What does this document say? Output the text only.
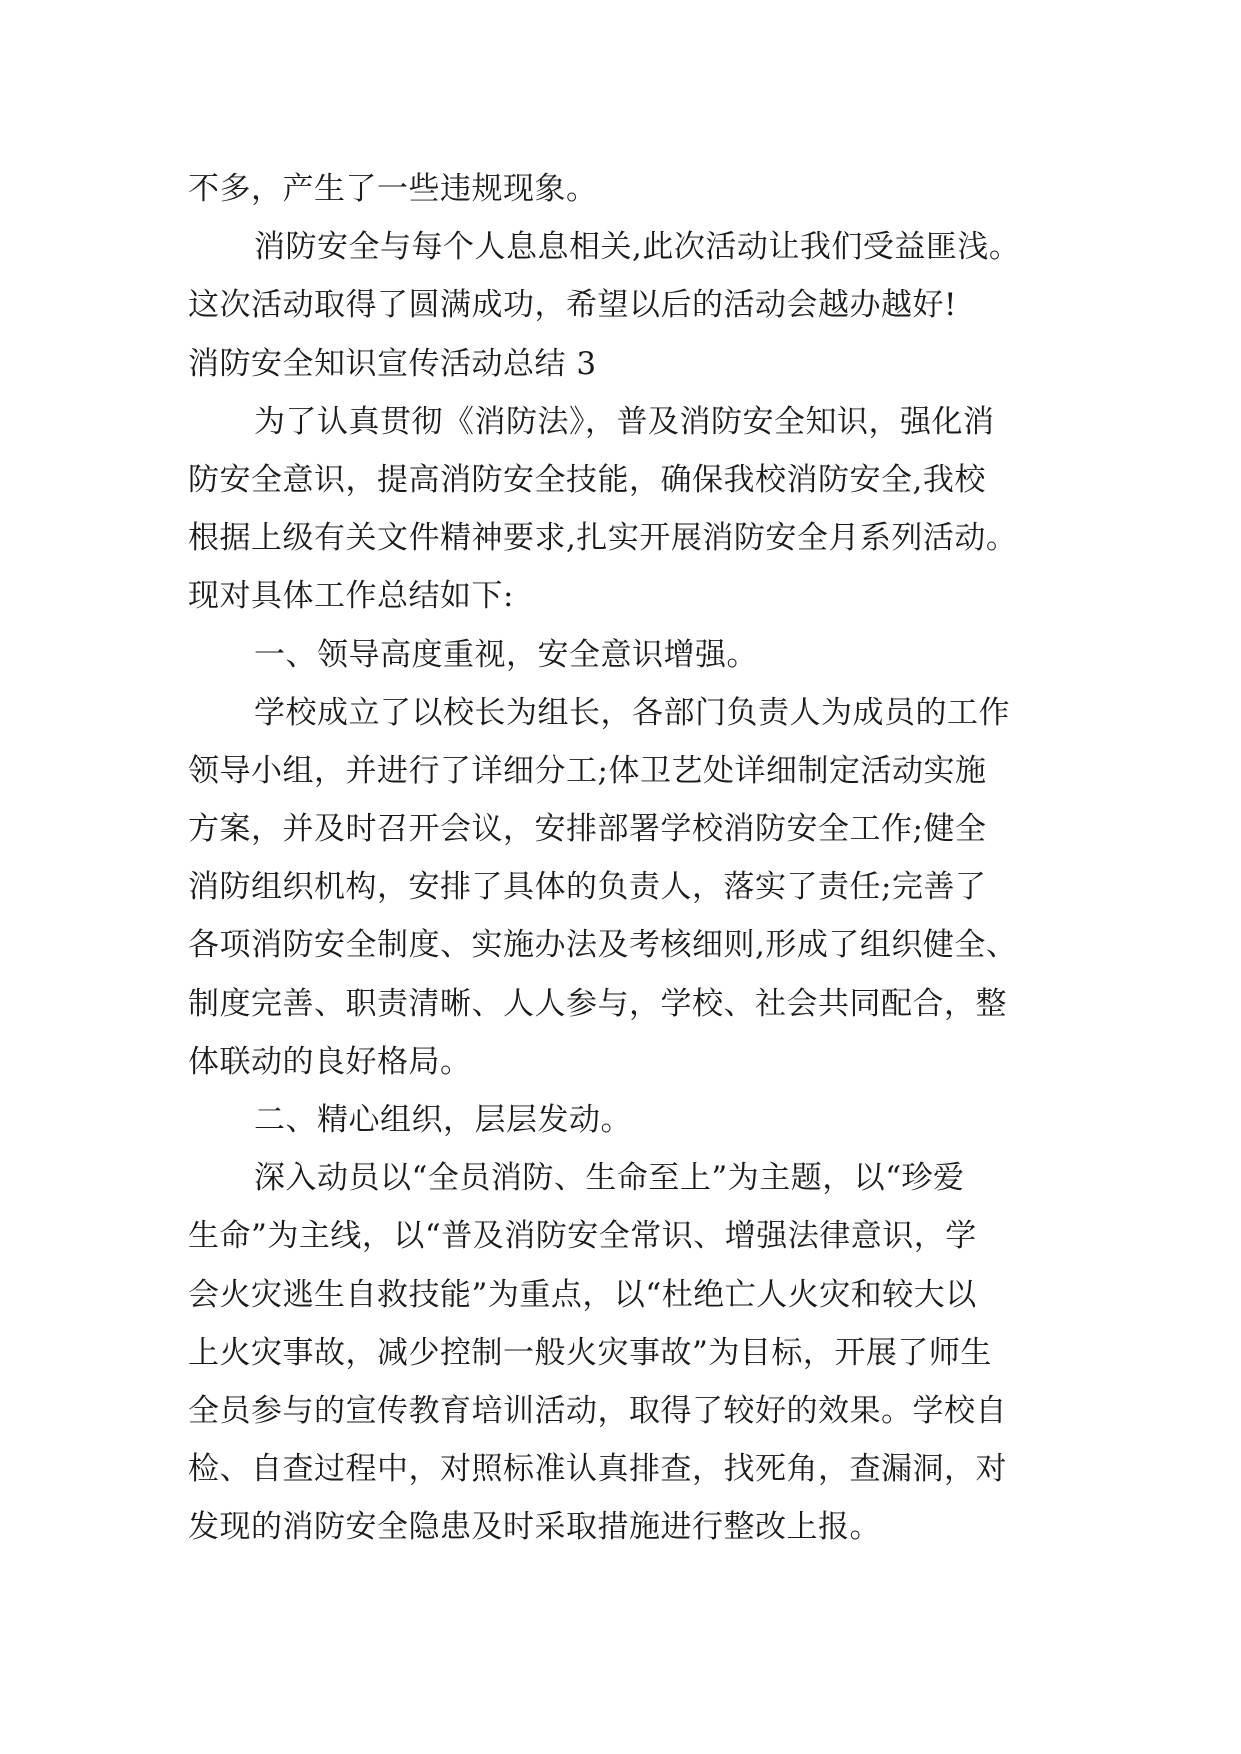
不多，产生了一些违规现象。
消防安全与每个人息息相关,此次活动让我们受益匪浅。
这次活动取得了圆满成功，希望以后的活动会越办越好!
消防安全知识宣传活动总结 3
为了认真贯彻《消防法》，普及消防安全知识，强化消
防安全意识，提高消防安全技能，确保我校消防安全,我校
根据上级有关文件精神要求,扎实开展消防安全月系列活动。
现对具体工作总结如下:
一、领导高度重视，安全意识增强。
学校成立了以校长为组长，各部门负责人为成员的工作
领导小组，并进行了详细分工;体卫艺处详细制定活动实施
方案，并及时召开会议，安排部署学校消防安全工作;健全
消防组织机构，安排了具体的负责人，落实了责任;完善了
各项消防安全制度、实施办法及考核细则,形成了组织健全、
制度完善、职责清晰、人人参与，学校、社会共同配合，整
体联动的良好格局。
二、精心组织，层层发动。
深入动员以“全员消防、生命至上”为主题，以“珍爱
生命”为主线，以“普及消防安全常识、增强法律意识，学
会火灾逃生自救技能”为重点，以“杜绝亡人火灾和较大以
上火灾事故，减少控制一般火灾事故”为目标，开展了师生
全员参与的宣传教育培训活动，取得了较好的效果。学校自
检、自查过程中，对照标准认真排查，找死角，查漏洞，对
发现的消防安全隐患及时采取措施进行整改上报。
